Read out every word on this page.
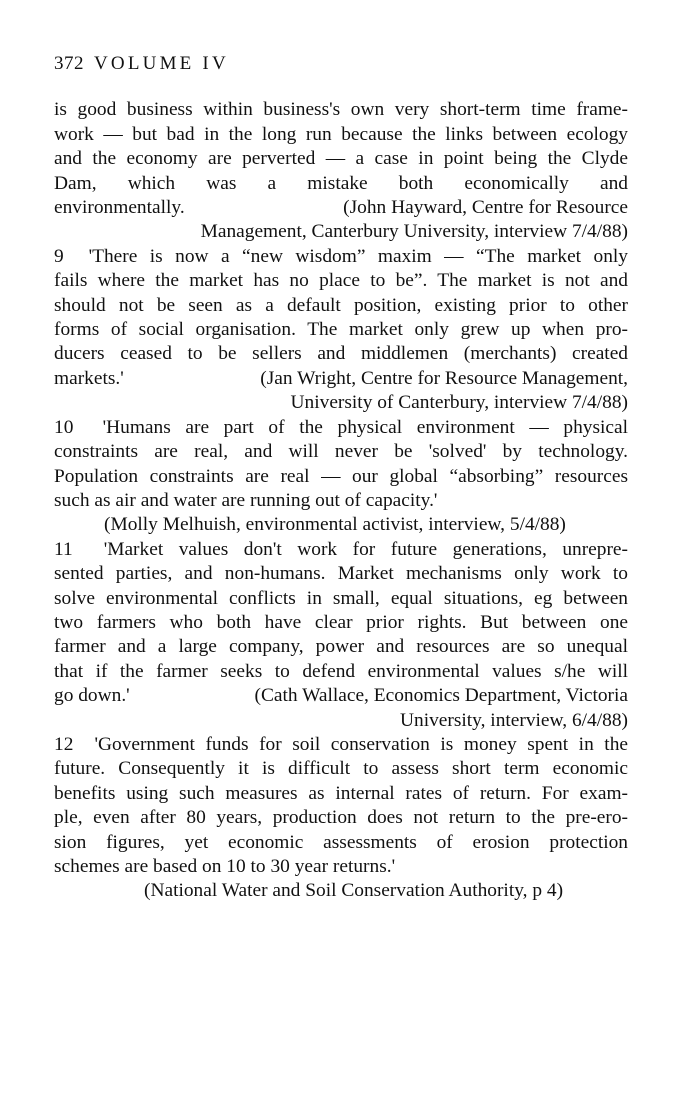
372 VOLUME IV
is good business within business's own very short-term time frame-
work — but bad in the long run because the links between ecology
and the economy are perverted — a case in point being the Clyde
Dam, which was a mistake both economically and
environmentally.	(John Hayward, Centre for Resource
Management, Canterbury University, interview 7/4/88)
9 'There is now a “new wisdom” maxim — “The market only
fails where the market has no place to be”. The market is not and
should not be seen as a default position, existing prior to other
forms of social organisation. The market only grew up when pro-
ducers ceased to be sellers and middlemen (merchants) created
markets.'	(Jan Wright, Centre for Resource Management,
University of Canterbury, interview 7/4/88)
10 'Humans are part of the physical environment — physical
constraints are real, and will never be 'solved' by technology.
Population constraints are real — our global “absorbing” resources
such as air and water are running out of capacity.'
(Molly Melhuish, environmental activist, interview, 5/4/88)
11 'Market values don't work for future generations, unrepre-
sented parties, and non-humans. Market mechanisms only work to
solve environmental conflicts in small, equal situations, eg between
two farmers who both have clear prior rights. But between one
farmer and a large company, power and resources are so unequal
that if the farmer seeks to defend environmental values s/he will
go down.'	(Cath Wallace, Economics Department, Victoria
University, interview, 6/4/88)
12 'Government funds for soil conservation is money spent in the
future. Consequently it is difficult to assess short term economic
benefits using such measures as internal rates of return. For exam-
ple, even after 80 years, production does not return to the pre-ero-
sion figures, yet economic assessments of erosion protection
schemes are based on 10 to 30 year returns.'
(National Water and Soil Conservation Authority, p 4)
